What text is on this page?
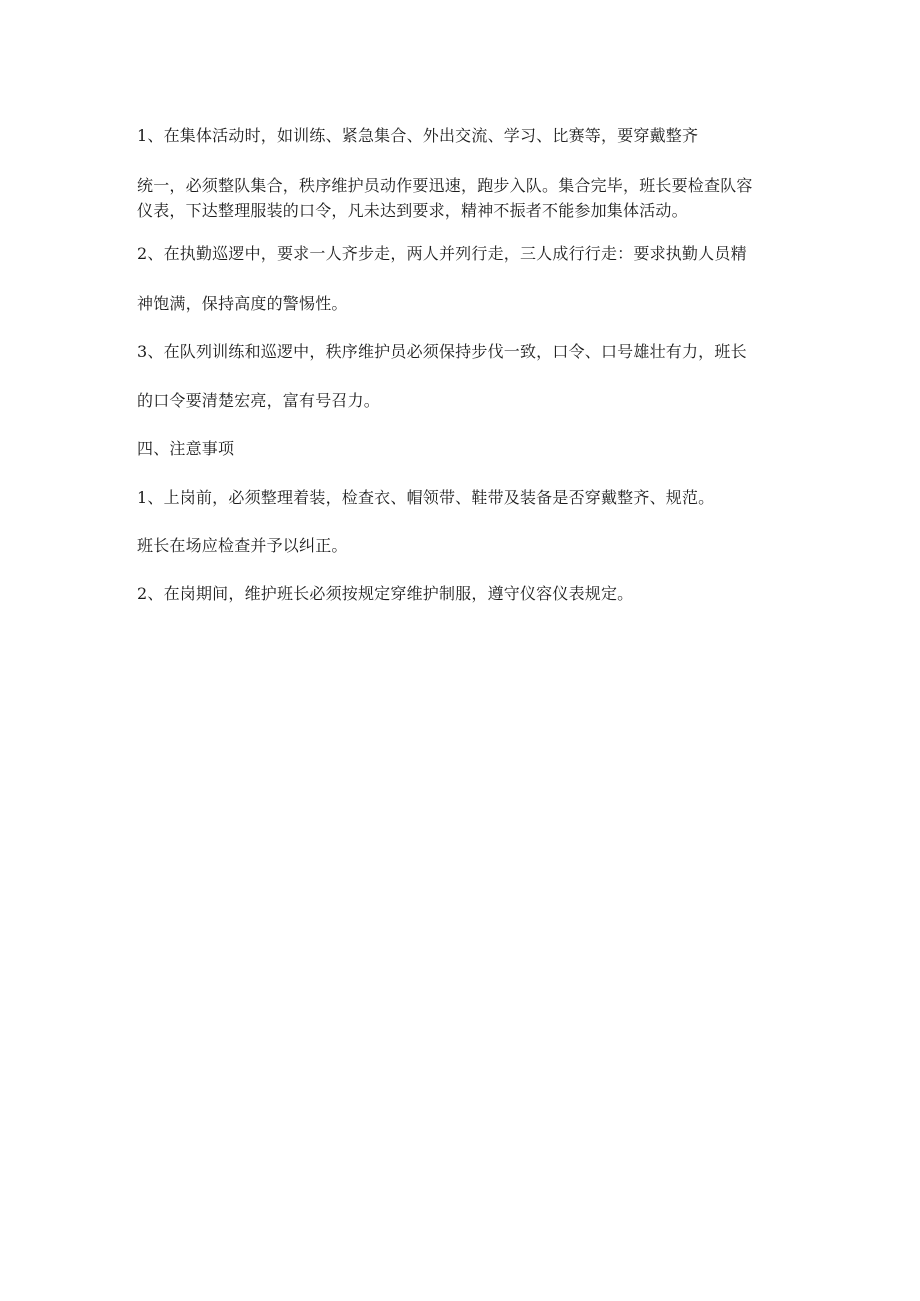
1、在集体活动时，如训练、紧急集合、外出交流、学习、比赛等，要穿戴整齐

统一，必须整队集合，秩序维护员动作要迅速，跑步入队。集合完毕，班长要检查队容

仪表，下达整理服装的口令，凡未达到要求，精神不振者不能参加集体活动。

2、在执勤巡逻中，要求一人齐步走，两人并列行走，三人成行行走：要求执勤人员精

神饱满，保持高度的警惕性。

3、在队列训练和巡逻中，秩序维护员必须保持步伐一致，口令、口号雄壮有力，班长

的口令要清楚宏亮，富有号召力。

四、注意事项

1、上岗前，必须整理着装，检查衣、帽领带、鞋带及装备是否穿戴整齐、规范。

班长在场应检查并予以纠正。

2、在岗期间，维护班长必须按规定穿维护制服，遵守仪容仪表规定。
